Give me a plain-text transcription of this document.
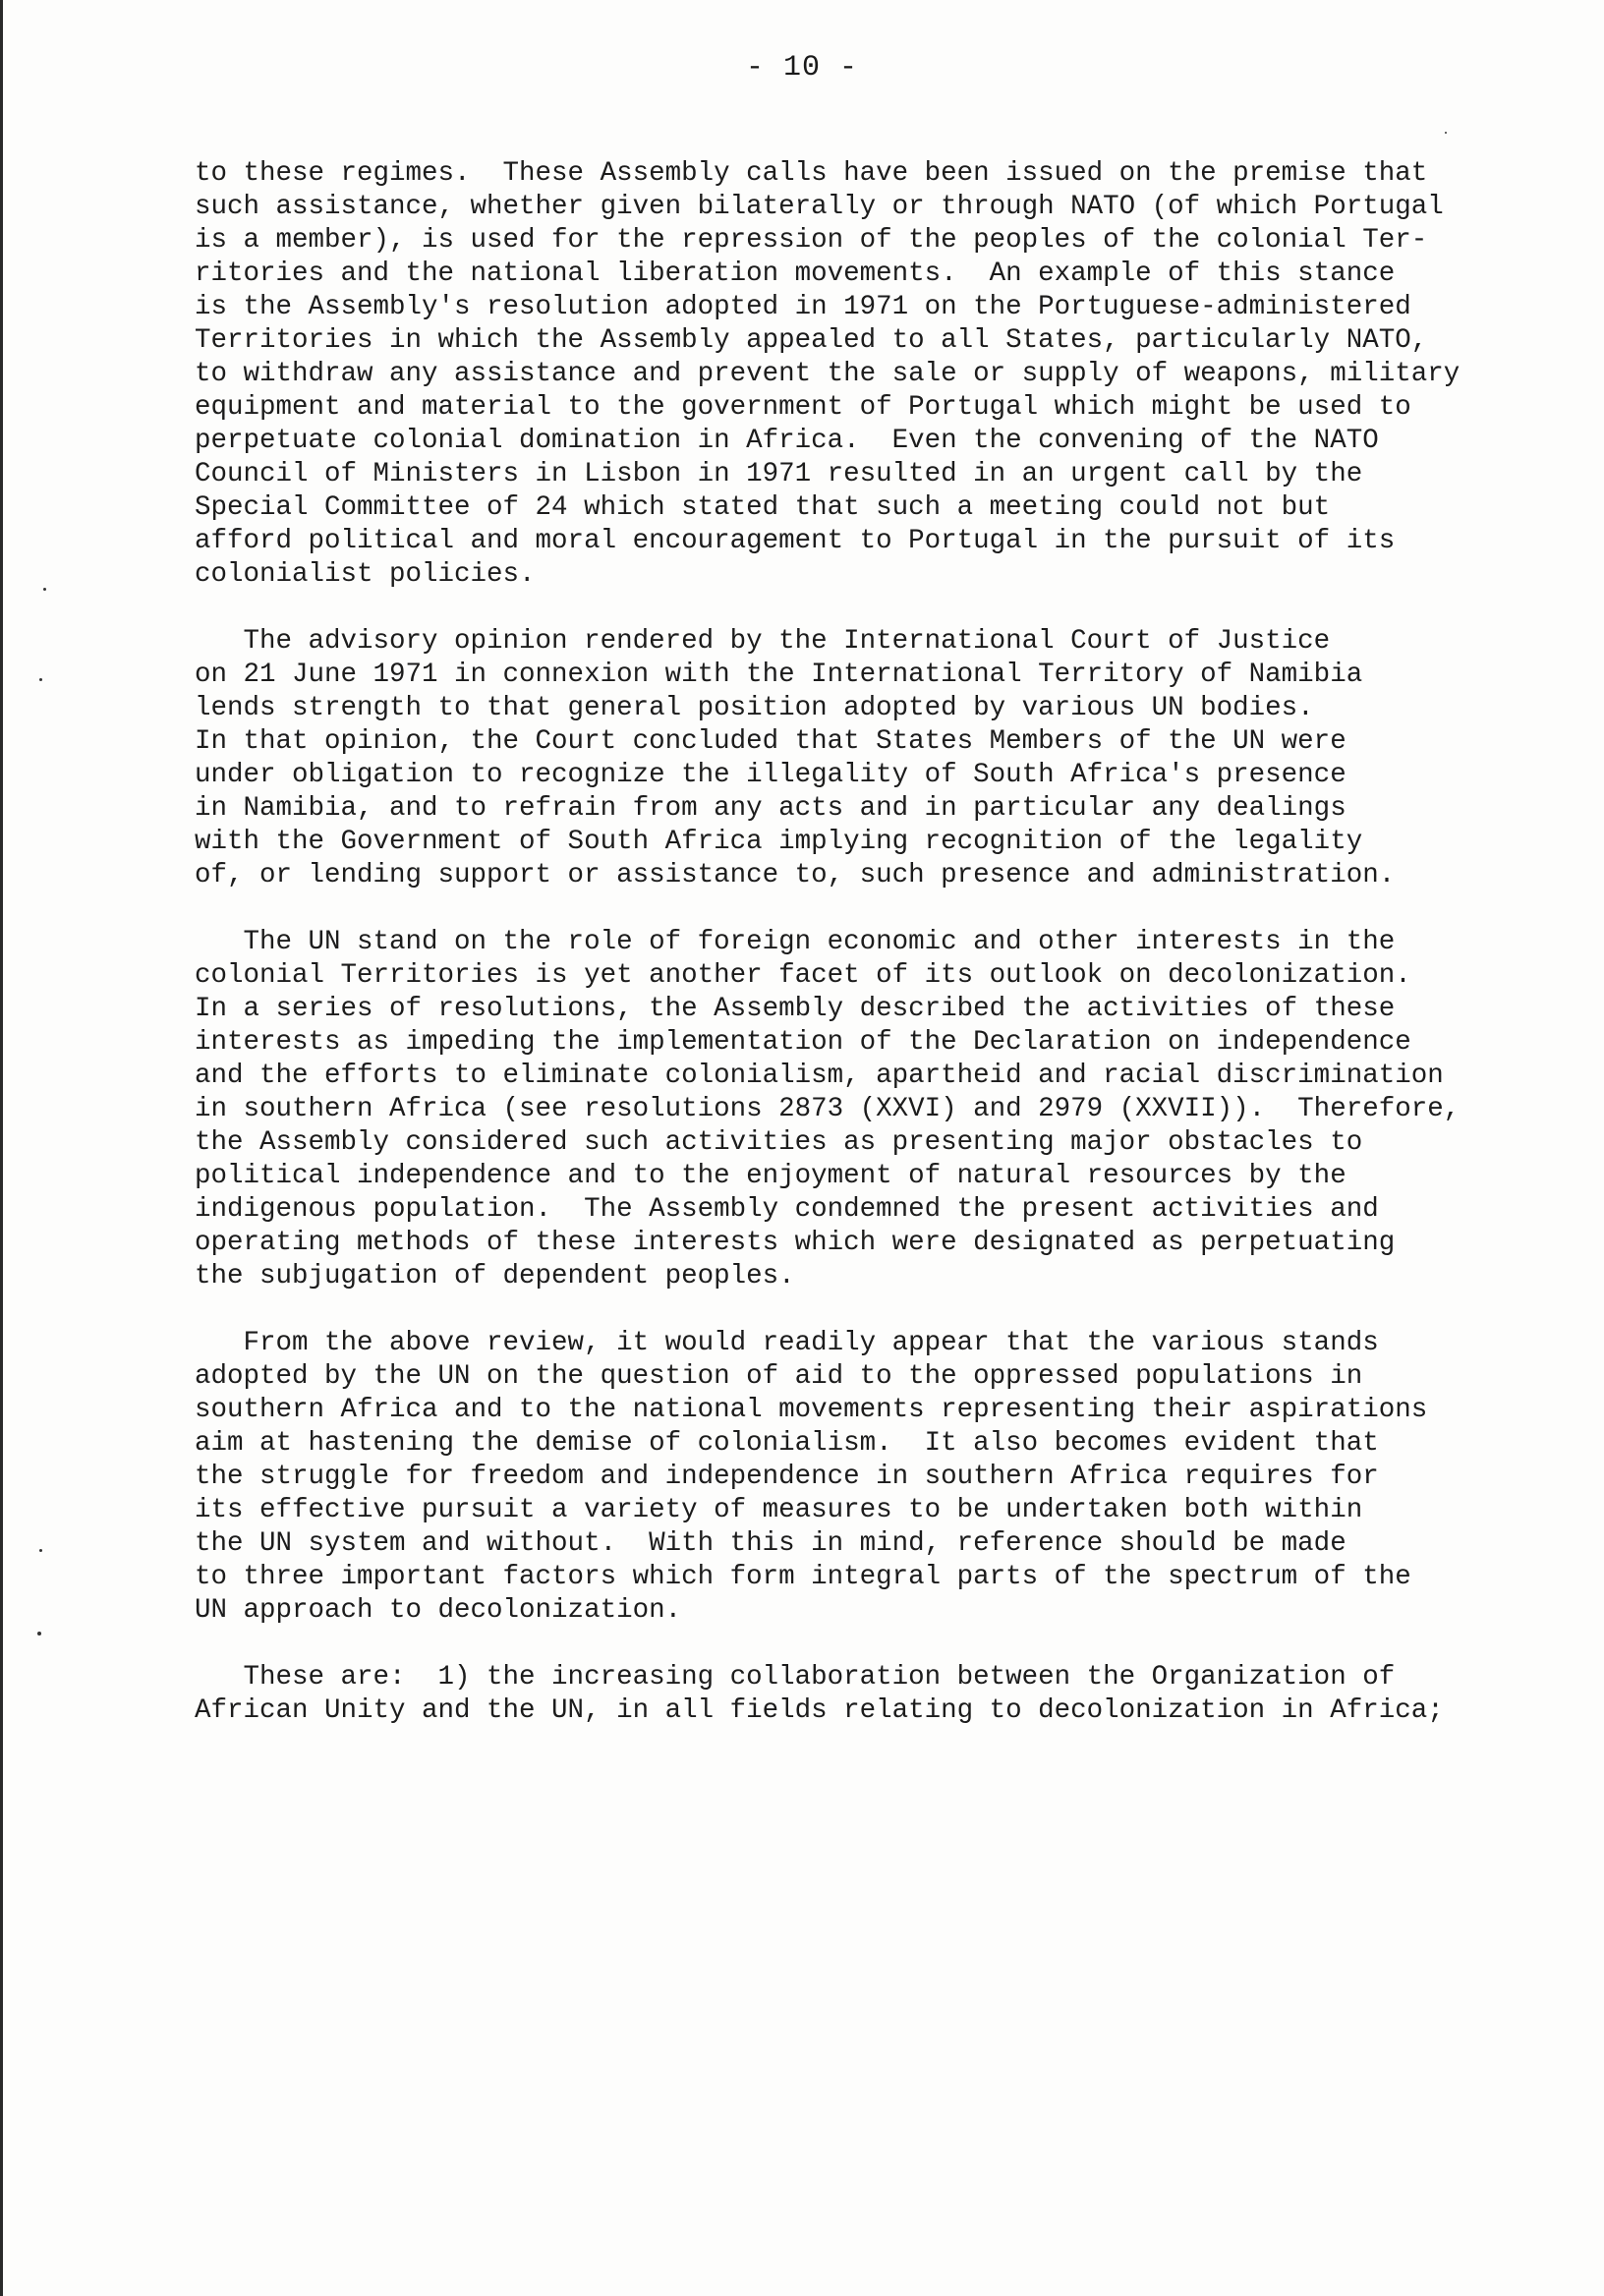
- 10 -

to these regimes.  These Assembly calls have been issued on the premise that
such assistance, whether given bilaterally or through NATO (of which Portugal
is a member), is used for the repression of the peoples of the colonial Ter-
ritories and the national liberation movements.  An example of this stance
is the Assembly's resolution adopted in 1971 on the Portuguese-administered
Territories in which the Assembly appealed to all States, particularly NATO,
to withdraw any assistance and prevent the sale or supply of weapons, military
equipment and material to the government of Portugal which might be used to
perpetuate colonial domination in Africa.  Even the convening of the NATO
Council of Ministers in Lisbon in 1971 resulted in an urgent call by the
Special Committee of 24 which stated that such a meeting could not but
afford political and moral encouragement to Portugal in the pursuit of its
colonialist policies.

The advisory opinion rendered by the International Court of Justice
on 21 June 1971 in connexion with the International Territory of Namibia
lends strength to that general position adopted by various UN bodies.
In that opinion, the Court concluded that States Members of the UN were
under obligation to recognize the illegality of South Africa's presence
in Namibia, and to refrain from any acts and in particular any dealings
with the Government of South Africa implying recognition of the legality
of, or lending support or assistance to, such presence and administration.

The UN stand on the role of foreign economic and other interests in the
colonial Territories is yet another facet of its outlook on decolonization.
In a series of resolutions, the Assembly described the activities of these
interests as impeding the implementation of the Declaration on independence
and the efforts to eliminate colonialism, apartheid and racial discrimination
in southern Africa (see resolutions 2873 (XXVI) and 2979 (XXVII)).  Therefore,
the Assembly considered such activities as presenting major obstacles to
political independence and to the enjoyment of natural resources by the
indigenous population.  The Assembly condemned the present activities and
operating methods of these interests which were designated as perpetuating
the subjugation of dependent peoples.

From the above review, it would readily appear that the various stands
adopted by the UN on the question of aid to the oppressed populations in
southern Africa and to the national movements representing their aspirations
aim at hastening the demise of colonialism.  It also becomes evident that
the struggle for freedom and independence in southern Africa requires for
its effective pursuit a variety of measures to be undertaken both within
the UN system and without.  With this in mind, reference should be made
to three important factors which form integral parts of the spectrum of the
UN approach to decolonization.

These are:  1) the increasing collaboration between the Organization of
African Unity and the UN, in all fields relating to decolonization in Africa;
